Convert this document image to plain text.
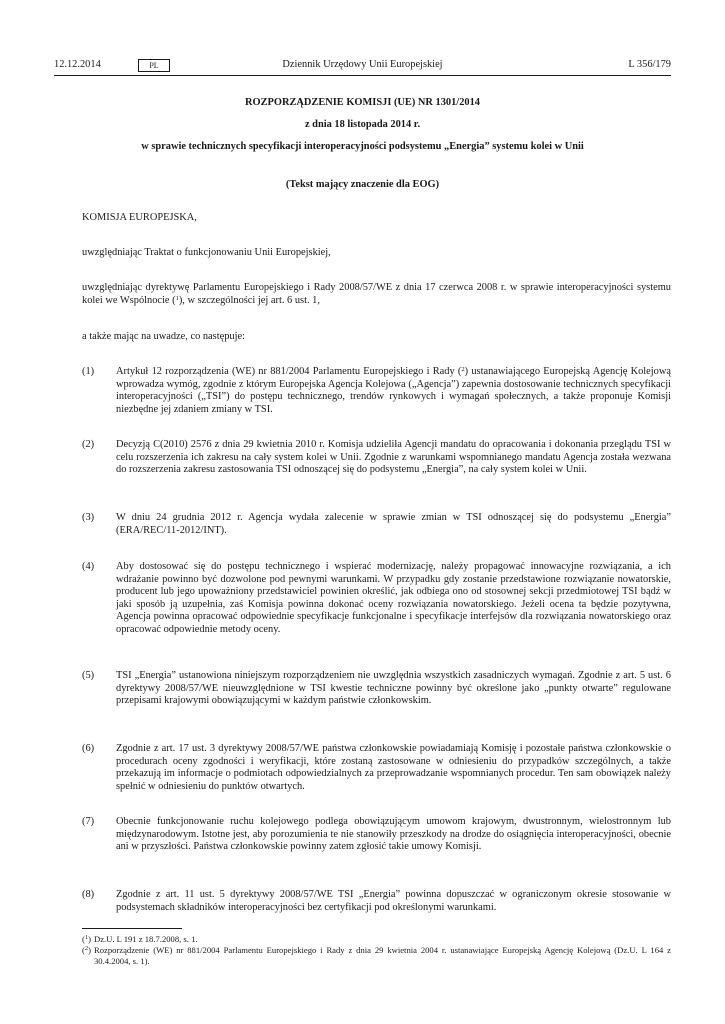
Dziennik Urzędowy Unii Europejskiej
12.12.2014	PL	L 356/179
ROZPORZĄDZENIE KOMISJI (UE) NR 1301/2014
z dnia 18 listopada 2014 r.
w sprawie technicznych specyfikacji interoperacyjności podsystemu „Energia” systemu kolei w Unii
(Tekst mający znaczenie dla EOG)
KOMISJA EUROPEJSKA,
uwzględniając Traktat o funkcjonowaniu Unii Europejskiej,
uwzględniając dyrektywę Parlamentu Europejskiego i Rady 2008/57/WE z dnia 17 czerwca 2008 r. w sprawie interoperacyjności systemu kolei we Wspólnocie ($^1$), w szczególności jej art. 6 ust. 1,
a także mając na uwadze, co następuje:
(1) Artykuł 12 rozporządzenia (WE) nr 881/2004 Parlamentu Europejskiego i Rady ($^2$) ustanawiającego Europejską Agencję Kolejową wprowadza wymóg, zgodnie z którym Europejska Agencja Kolejowa („Agencja”) zapewnia dostosowanie technicznych specyfikacji interoperacyjności („TSI”) do postępu technicznego, trendów rynkowych i wymagań społecznych, a także proponuje Komisji niezbędne jej zdaniem zmiany w TSI.
(2) Decyzją C(2010) 2576 z dnia 29 kwietnia 2010 r. Komisja udzieliła Agencji mandatu do opracowania i dokonania przeglądu TSI w celu rozszerzenia ich zakresu na cały system kolei w Unii. Zgodnie z warunkami wspomnianego mandatu Agencja została wezwana do rozszerzenia zakresu zastosowania TSI odnoszącej się do podsystemu „Energia”, na cały system kolei w Unii.
(3) W dniu 24 grudnia 2012 r. Agencja wydała zalecenie w sprawie zmian w TSI odnoszącej się do podsystemu „Energia” (ERA/REC/11-2012/INT).
(4) Aby dostosować się do postępu technicznego i wspierać modernizację, należy propagować innowacyjne rozwiązania, a ich wdrażanie powinno być dozwolone pod pewnymi warunkami. W przypadku gdy zostanie przedstawione rozwiązanie nowatorskie, producent lub jego upoważniony przedstawiciel powinien określić, jak odbiega ono od stosownej sekcji przedmiotowej TSI bądź w jaki sposób ją uzupełnia, zaś Komisja powinna dokonać oceny rozwiązania nowatorskiego. Jeżeli ocena ta będzie pozytywna, Agencja powinna opracować odpowiednie specyfikacje funkcjonalne i specyfikacje interfejsów dla rozwiązania nowatorskiego oraz opracować odpowiednie metody oceny.
(5) TSI „Energia” ustanowiona niniejszym rozporządzeniem nie uwzględnia wszystkich zasadniczych wymagań. Zgodnie z art. 5 ust. 6 dyrektywy 2008/57/WE nieuwzględnione w TSI kwestie techniczne powinny być określone jako „punkty otwarte” regulowane przepisami krajowymi obowiązującymi w każdym państwie członkowskim.
(6) Zgodnie z art. 17 ust. 3 dyrektywy 2008/57/WE państwa członkowskie powiadamiają Komisję i pozostałe państwa członkowskie o procedurach oceny zgodności i weryfikacji, które zostaną zastosowane w odniesieniu do przypadków szczególnych, a także przekazują im informacje o podmiotach odpowiedzialnych za przeprowadzanie wspomnianych procedur. Ten sam obowiązek należy spełnić w odniesieniu do punktów otwartych.
(7) Obecnie funkcjonowanie ruchu kolejowego podlega obowiązującym umowom krajowym, dwustronnym, wielostronnym lub międzynarodowym. Istotne jest, aby porozumienia te nie stanowiły przeszkody na drodze do osiągnięcia interoperacyjności, obecnie ani w przyszłości. Państwa członkowskie powinny zatem zgłosić takie umowy Komisji.
(8) Zgodnie z art. 11 ust. 5 dyrektywy 2008/57/WE TSI „Energia” powinna dopuszczać w ograniczonym okresie stosowanie w podsystemach składników interoperacyjności bez certyfikacji pod określonymi warunkami.
($^1$) Dz.U. L 191 z 18.7.2008, s. 1.
($^2$) Rozporządzenie (WE) nr 881/2004 Parlamentu Europejskiego i Rady z dnia 29 kwietnia 2004 r. ustanawiające Europejską Agencję Kolejową (Dz.U. L 164 z 30.4.2004, s. 1).
